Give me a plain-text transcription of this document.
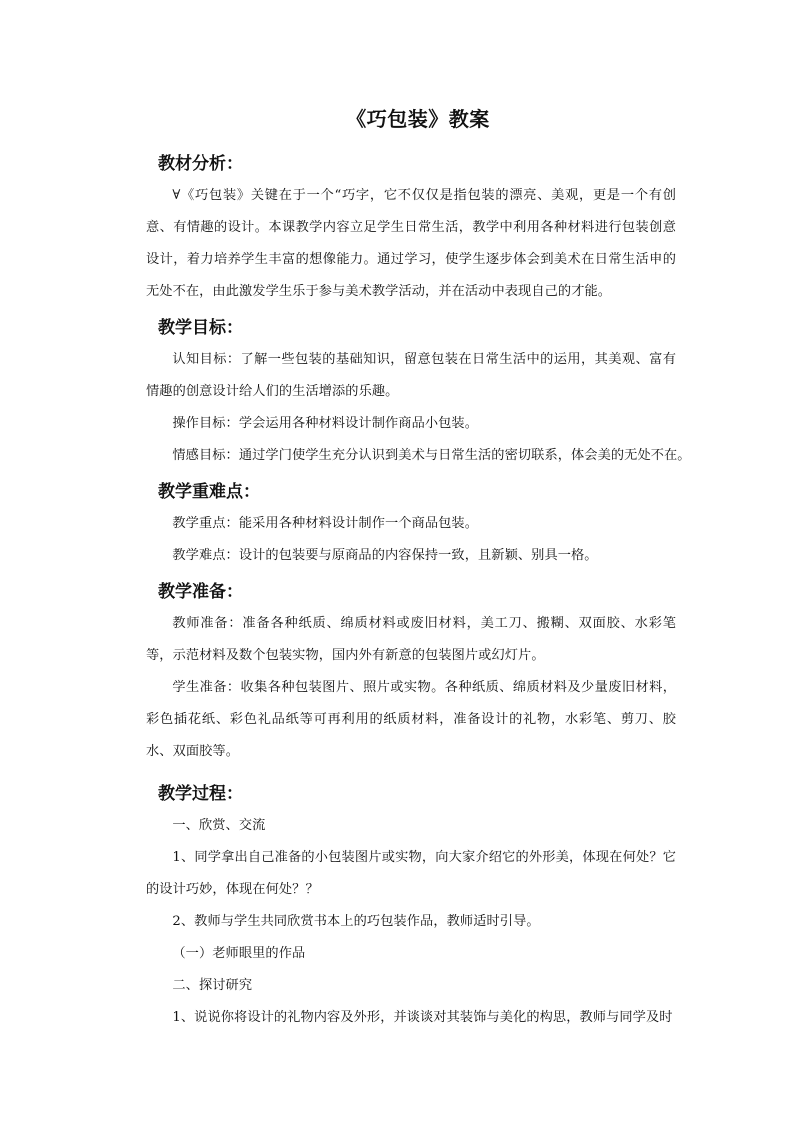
《巧包装》教案
教材分析：

∀《巧包装》关键在于一个“巧字，它不仅仅是指包装的漂亮、美观，更是一个有创意、有情趣的设计。本课教学内容立足学生日常生活，教学中利用各种材料进行包装创意设计，着力培养学生丰富的想像能力。通过学习，使学生逐步体会到美术在日常生活申的无处不在，由此激发学生乐于参与美术教学活动，并在活动中表现自己的才能。

教学目标：

认知目标：了解一些包装的基础知识，留意包装在日常生活中的运用，其美观、富有情趣的创意设计给人们的生活增添的乐趣。

操作目标：学会运用各种材料设计制作商品小包装。

情感目标：通过学门使学生充分认识到美术与日常生活的密切联系，体会美的无处不在。

教学重难点：

教学重点：能采用各种材料设计制作一个商品包装。

教学难点：设计的包装要与原商品的内容保持一致，且新颖、别具一格。

教学准备：

教师准备：准备各种纸质、绵质材料或废旧材料，美工刀、搬糊、双面胶、水彩笔等，示范材料及数个包装实物，国内外有新意的包装图片或幻灯片。

学生准备：收集各种包装图片、照片或实物。各种纸质、绵质材料及少量废旧材料，彩色插花纸、彩色礼品纸等可再利用的纸质材料，准备设计的礼物，水彩笔、剪刀、胶水、双面胶等。

教学过程：

一、欣赏、交流

1、同学拿出自己准备的小包装图片或实物，向大家介绍它的外形美，体现在何处？它的设计巧妙，体现在何处？？

2、教师与学生共同欣赏书本上的巧包装作品，教师适时引导。

（一）老师眼里的作品

二、探讨研究

1、说说你将设计的礼物内容及外形，并谈谈对其装饰与美化的构思，教师与同学及时
